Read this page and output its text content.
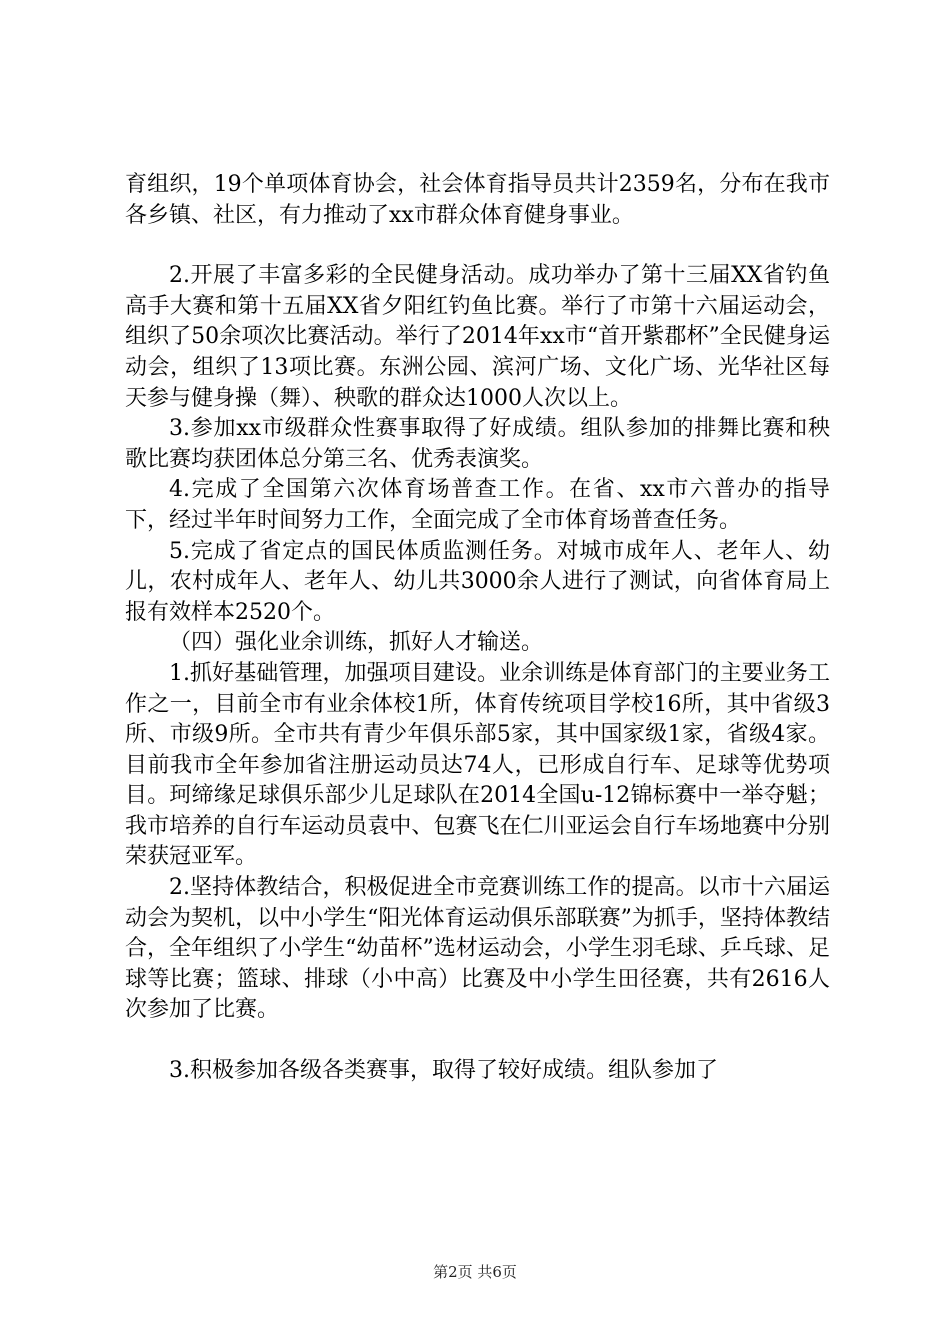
育组织，19个单项体育协会，社会体育指导员共计2359名，分布在我市各乡镇、社区，有力推动了xx市群众体育健身事业。

2.开展了丰富多彩的全民健身活动。成功举办了第十三届XX省钓鱼高手大赛和第十五届XX省夕阳红钓鱼比赛。举行了市第十六届运动会，组织了50余项次比赛活动。举行了2014年xx市“首开紫郡杯”全民健身运动会，组织了13项比赛。东洲公园、滨河广场、文化广场、光华社区每天参与健身操（舞）、秧歌的群众达1000人次以上。

3.参加xx市级群众性赛事取得了好成绩。组队参加的排舞比赛和秧歌比赛均获团体总分第三名、优秀表演奖。

4.完成了全国第六次体育场普查工作。在省、xx市六普办的指导下，经过半年时间努力工作，全面完成了全市体育场普查任务。

5.完成了省定点的国民体质监测任务。对城市成年人、老年人、幼儿，农村成年人、老年人、幼儿共3000余人进行了测试，向省体育局上报有效样本2520个。

（四）强化业余训练，抓好人才输送。

1.抓好基础管理，加强项目建设。业余训练是体育部门的主要业务工作之一，目前全市有业余体校1所，体育传统项目学校16所，其中省级3所、市级9所。全市共有青少年俱乐部5家，其中国家级1家，省级4家。目前我市全年参加省注册运动员达74人，已形成自行车、足球等优势项目。珂缔缘足球俱乐部少儿足球队在2014全国u-12锦标赛中一举夺魁；我市培养的自行车运动员袁中、包赛飞在仁川亚运会自行车场地赛中分别荣获冠亚军。

2.坚持体教结合，积极促进全市竞赛训练工作的提高。以市十六届运动会为契机，以中小学生“阳光体育运动俱乐部联赛”为抓手，坚持体教结合，全年组织了小学生“幼苗杯”选材运动会，小学生羽毛球、乒乓球、足球等比赛；篮球、排球（小中高）比赛及中小学生田径赛，共有2616人次参加了比赛。

3.积极参加各级各类赛事，取得了较好成绩。组队参加了

第2页 共6页
